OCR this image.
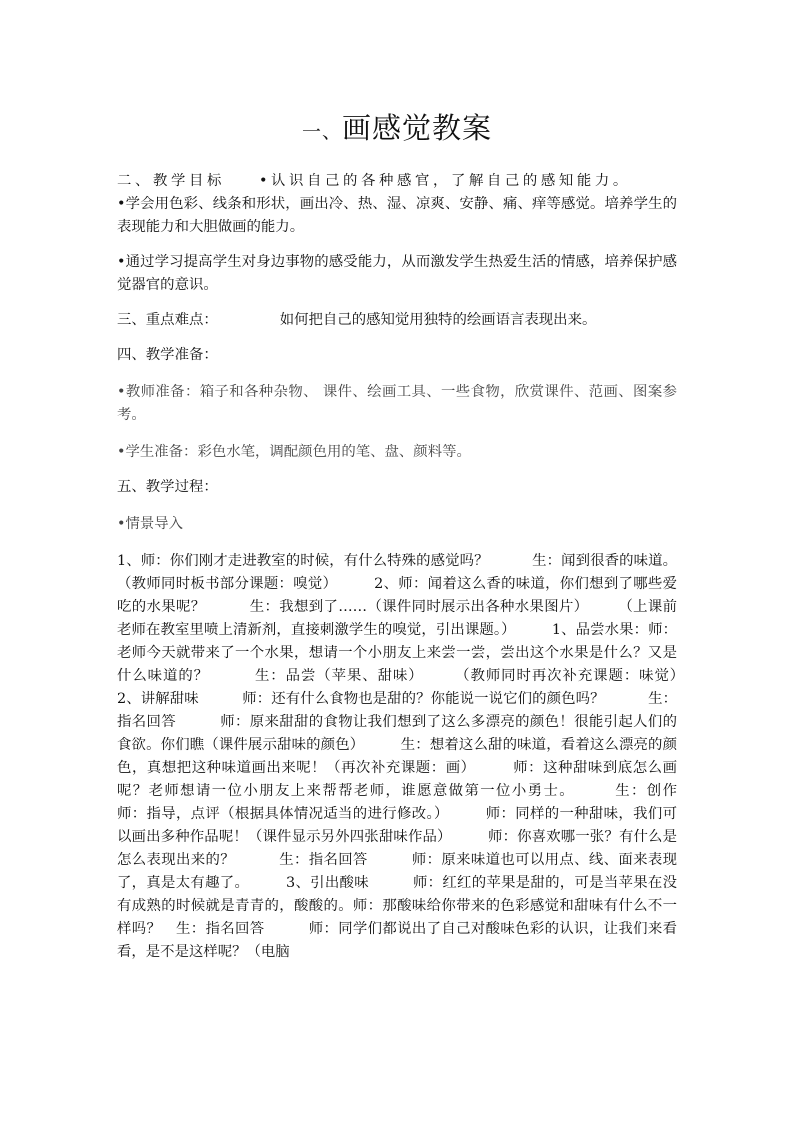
一、画感觉教案

二、教学目标 •认识自己的各种感官，了解自己的感知能力。

•学会用色彩、线条和形状，画出冷、热、湿、凉爽、安静、痛、痒等感觉。培养学生的表现能力和大胆做画的能力。

•通过学习提高学生对身边事物的感受能力，从而激发学生热爱生活的情感，培养保护感觉器官的意识。

三、重点难点：	如何把自己的感知觉用独特的绘画语言表现出来。

四、教学准备：

•教师准备：箱子和各种杂物、 课件、绘画工具、一些食物，欣赏课件、范画、图案参考。

•学生准备：彩色水笔，调配颜色用的笔、盘、颜料等。

五、教学过程：

•情景导入

1、师：你们刚才走进教室的时候，有什么特殊的感觉吗？　　　生：闻到很香的味道。（教师同时板书部分课题：嗅觉）　　　2、师：闻着这么香的味道，你们想到了哪些爱吃的水果呢？　　　生：我想到了……（课件同时展示出各种水果图片）　　　（上课前老师在教室里喷上清新剂，直接刺激学生的嗅觉，引出课题。）　　　1、品尝水果：师：老师今天就带来了一个水果，想请一个小朋友上来尝一尝，尝出这个水果是什么？又是什么味道的？　　　生：品尝（苹果、甜味）　　　（教师同时再次补充课题：味觉）　　　2、讲解甜味　　　师：还有什么食物也是甜的？你能说一说它们的颜色吗？　　　生：指名回答　　　师：原来甜甜的食物让我们想到了这么多漂亮的颜色！很能引起人们的食欲。你们瞧（课件展示甜味的颜色）　　　生：想着这么甜的味道，看着这么漂亮的颜色，真想把这种味道画出来呢！（再次补充课题：画）　　　师：这种甜味到底怎么画呢？老师想请一位小朋友上来帮帮老师，谁愿意做第一位小勇士。　　　生：创作　　　师：指导，点评（根据具体情况适当的进行修改。）　　　师：同样的一种甜味，我们可以画出多种作品呢！（课件显示另外四张甜味作品）　　　师：你喜欢哪一张？有什么是怎么表现出来的？　　　生：指名回答　　　师：原来味道也可以用点、线、面来表现了，真是太有趣了。　　　3、引出酸味　　　师：红红的苹果是甜的，可是当苹果在没有成熟的时候就是青青的，酸酸的。师：那酸味给你带来的色彩感觉和甜味有什么不一样吗？　生：指名回答　　　师：同学们都说出了自己对酸味色彩的认识，让我们来看看，是不是这样呢？（电脑
